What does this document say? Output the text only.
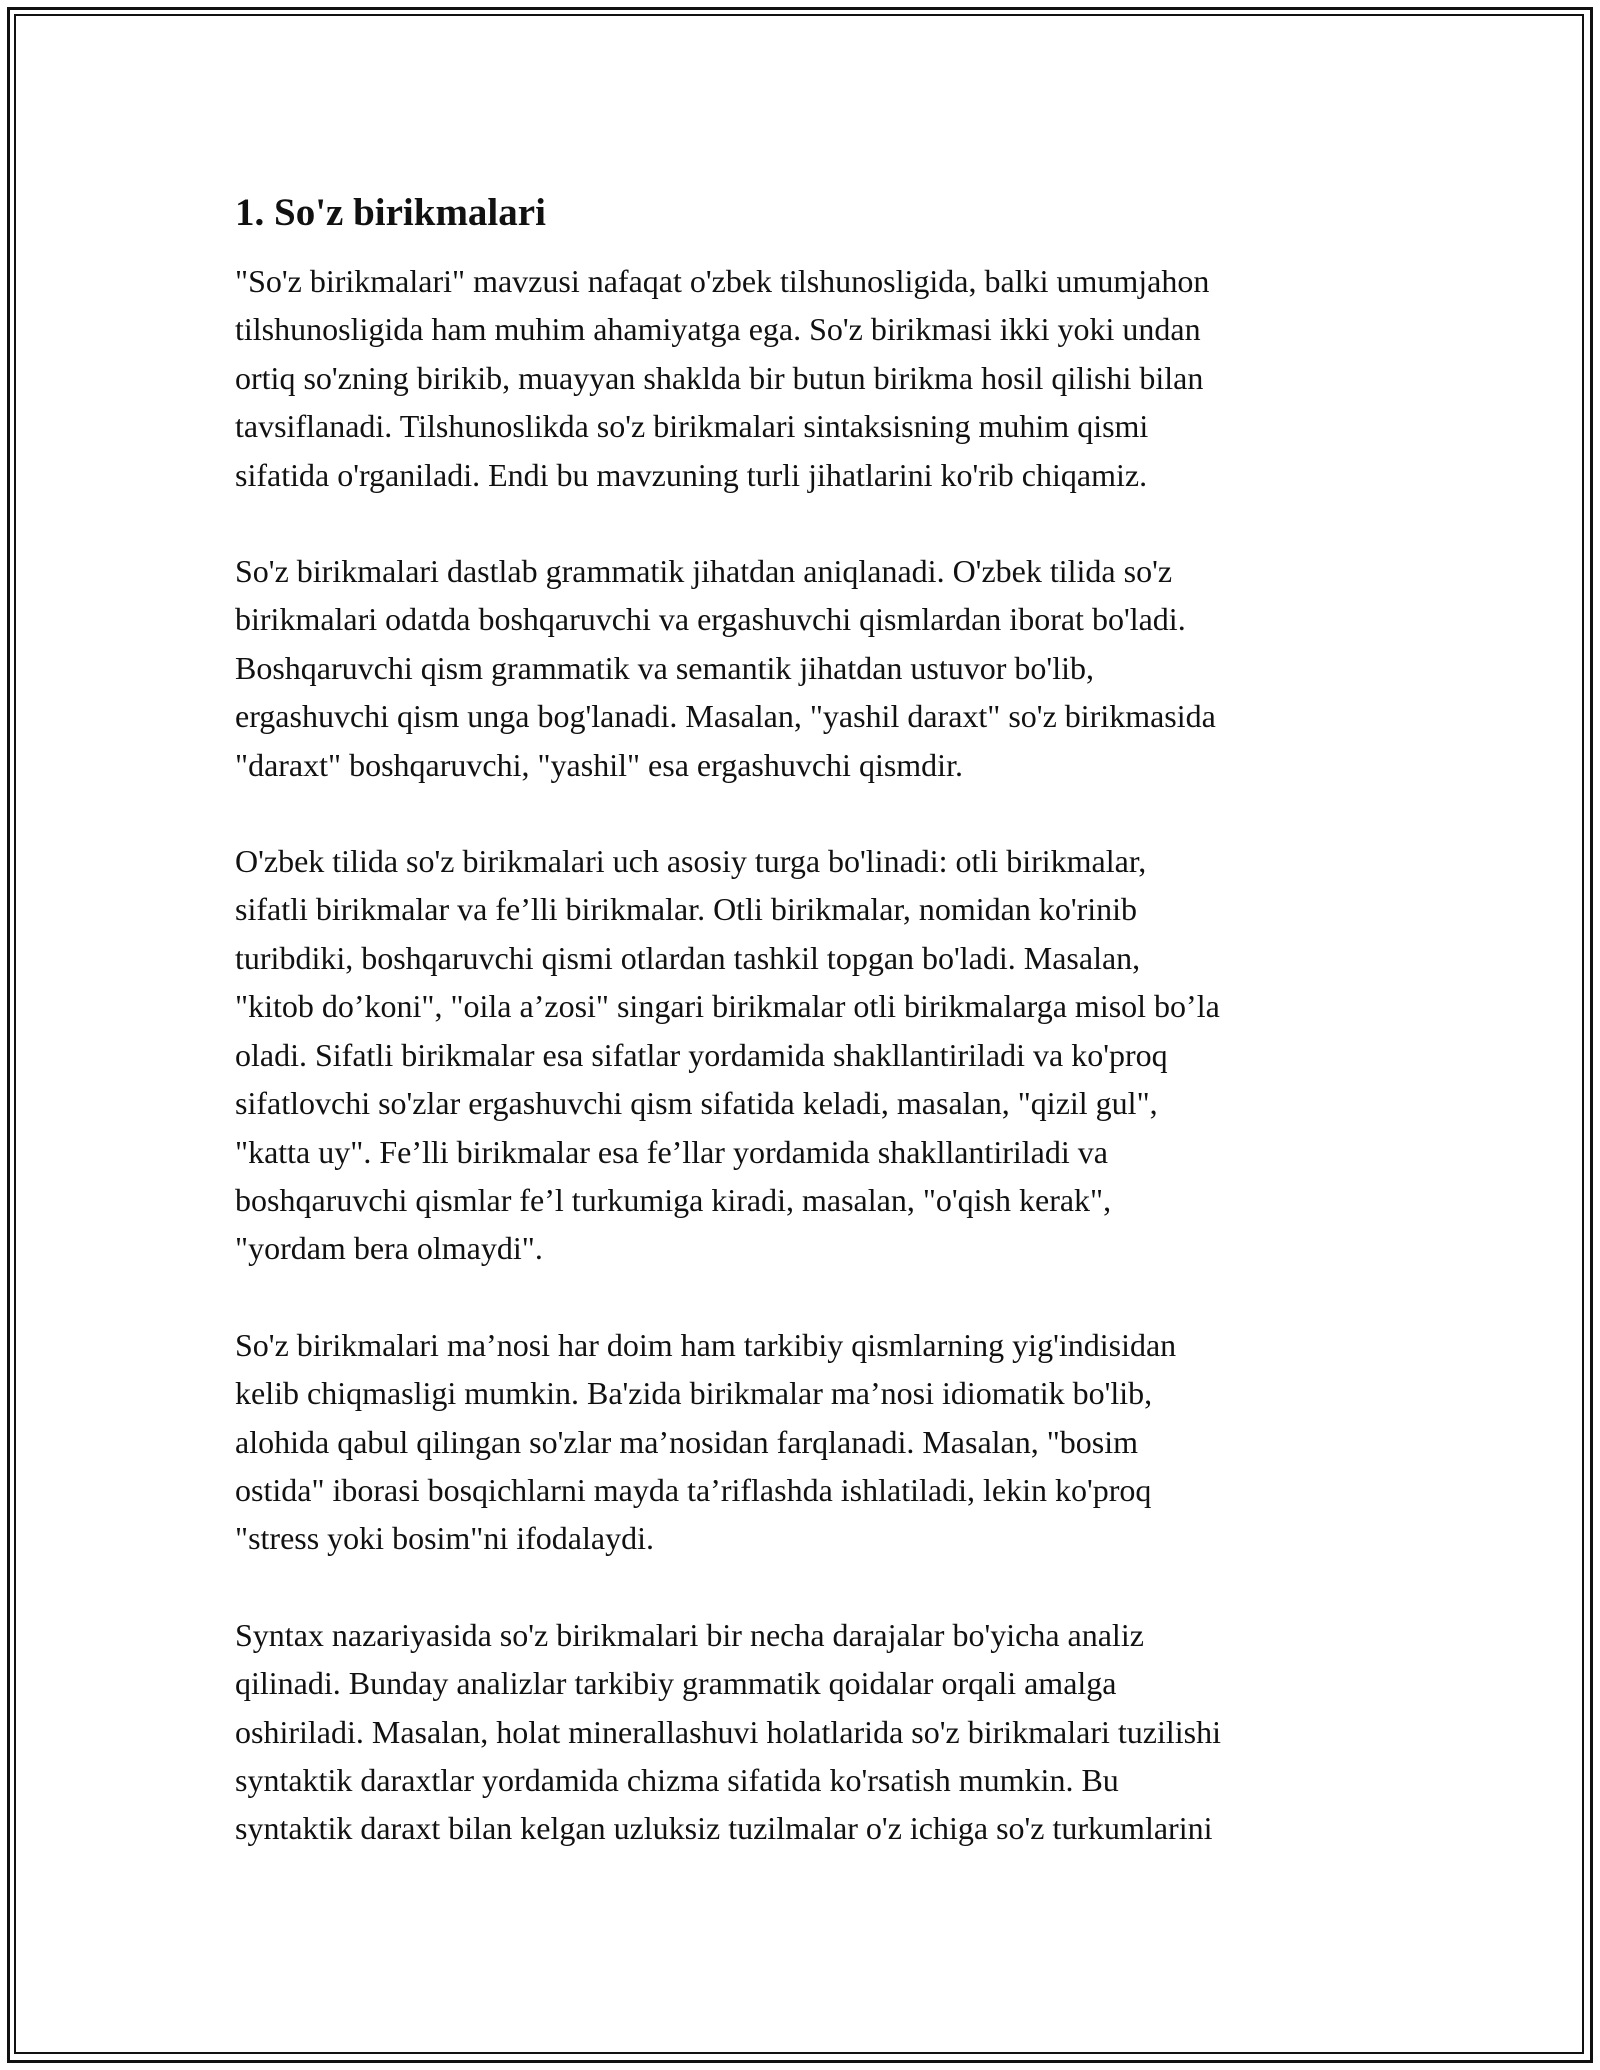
1. So'z birikmalari

"So'z birikmalari" mavzusi nafaqat o'zbek tilshunosligida, balki umumjahon
tilshunosligida ham muhim ahamiyatga ega. So'z birikmasi ikki yoki undan
ortiq so'zning birikib, muayyan shaklda bir butun birikma hosil qilishi bilan
tavsiflanadi. Tilshunoslikda so'z birikmalari sintaksisning muhim qismi
sifatida o'rganiladi. Endi bu mavzuning turli jihatlarini ko'rib chiqamiz.

So'z birikmalari dastlab grammatik jihatdan aniqlanadi. O'zbek tilida so'z
birikmalari odatda boshqaruvchi va ergashuvchi qismlardan iborat bo'ladi.
Boshqaruvchi qism grammatik va semantik jihatdan ustuvor bo'lib,
ergashuvchi qism unga bog'lanadi. Masalan, "yashil daraxt" so'z birikmasida
"daraxt" boshqaruvchi, "yashil" esa ergashuvchi qismdir.

O'zbek tilida so'z birikmalari uch asosiy turga bo'linadi: otli birikmalar,
sifatli birikmalar va fe’lli birikmalar. Otli birikmalar, nomidan ko'rinib
turibdiki, boshqaruvchi qismi otlardan tashkil topgan bo'ladi. Masalan,
"kitob do’koni", "oila a’zosi" singari birikmalar otli birikmalarga misol bo’la
oladi. Sifatli birikmalar esa sifatlar yordamida shakllantiriladi va ko'proq
sifatlovchi so'zlar ergashuvchi qism sifatida keladi, masalan, "qizil gul",
"katta uy". Fe’lli birikmalar esa fe’llar yordamida shakllantiriladi va
boshqaruvchi qismlar fe’l turkumiga kiradi, masalan, "o'qish kerak",
"yordam bera olmaydi".

So'z birikmalari ma’nosi har doim ham tarkibiy qismlarning yig'indisidan
kelib chiqmasligi mumkin. Ba'zida birikmalar ma’nosi idiomatik bo'lib,
alohida qabul qilingan so'zlar ma’nosidan farqlanadi. Masalan, "bosim
ostida" iborasi bosqichlarni mayda ta’riflashda ishlatiladi, lekin ko'proq
"stress yoki bosim"ni ifodalaydi.

Syntax nazariyasida so'z birikmalari bir necha darajalar bo'yicha analiz
qilinadi. Bunday analizlar tarkibiy grammatik qoidalar orqali amalga
oshiriladi. Masalan, holat minerallashuvi holatlarida so'z birikmalari tuzilishi
syntaktik daraxtlar yordamida chizma sifatida ko'rsatish mumkin. Bu
syntaktik daraxt bilan kelgan uzluksiz tuzilmalar o'z ichiga so'z turkumlarini
